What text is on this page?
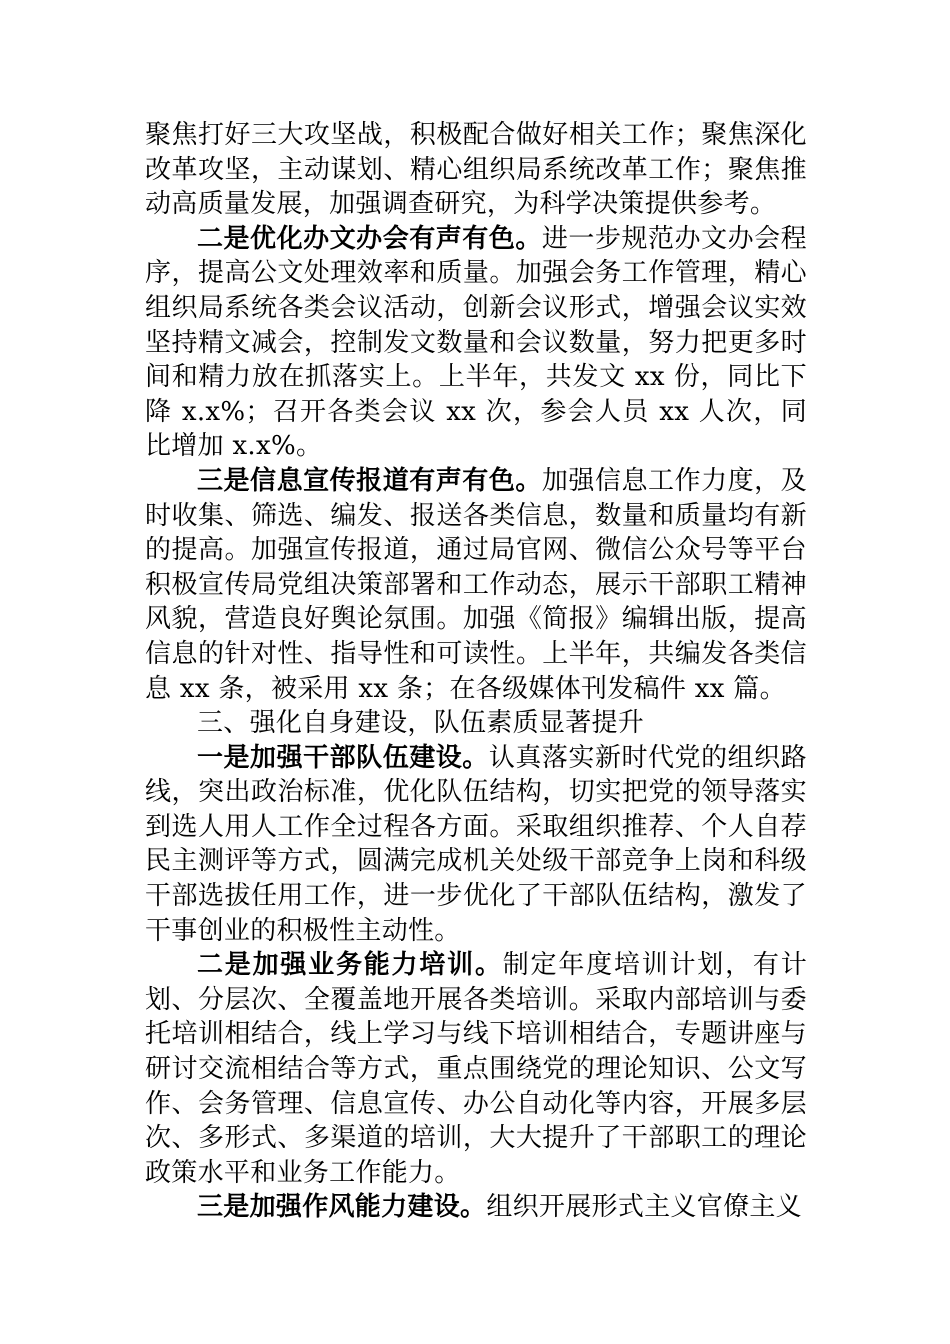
聚焦打好三大攻坚战，积极配合做好相关工作；聚焦深化改革攻坚，主动谋划、精心组织局系统改革工作；聚焦推动高质量发展，加强调查研究，为科学决策提供参考。

二是优化办文办会有声有色。进一步规范办文办会程序，提高公文处理效率和质量。加强会务工作管理，精心组织局系统各类会议活动，创新会议形式，增强会议实效坚持精文减会，控制发文数量和会议数量，努力把更多时间和精力放在抓落实上。上半年，共发文 xx 份，同比下降 x.x%；召开各类会议 xx 次，参会人员 xx 人次，同比增加 x.x%。

三是信息宣传报道有声有色。加强信息工作力度，及时收集、筛选、编发、报送各类信息，数量和质量均有新的提高。加强宣传报道，通过局官网、微信公众号等平台积极宣传局党组决策部署和工作动态，展示干部职工精神风貌，营造良好舆论氛围。加强《简报》编辑出版，提高信息的针对性、指导性和可读性。上半年，共编发各类信息 xx 条，被采用 xx 条；在各级媒体刊发稿件 xx 篇。

三、强化自身建设，队伍素质显著提升

一是加强干部队伍建设。认真落实新时代党的组织路线，突出政治标准，优化队伍结构，切实把党的领导落实到选人用人工作全过程各方面。采取组织推荐、个人自荐民主测评等方式，圆满完成机关处级干部竞争上岗和科级干部选拔任用工作，进一步优化了干部队伍结构，激发了干事创业的积极性主动性。

二是加强业务能力培训。制定年度培训计划，有计划、分层次、全覆盖地开展各类培训。采取内部培训与委托培训相结合，线上学习与线下培训相结合，专题讲座与研讨交流相结合等方式，重点围绕党的理论知识、公文写作、会务管理、信息宣传、办公自动化等内容，开展多层次、多形式、多渠道的培训，大大提升了干部职工的理论政策水平和业务工作能力。

三是加强作风能力建设。组织开展形式主义官僚主义
